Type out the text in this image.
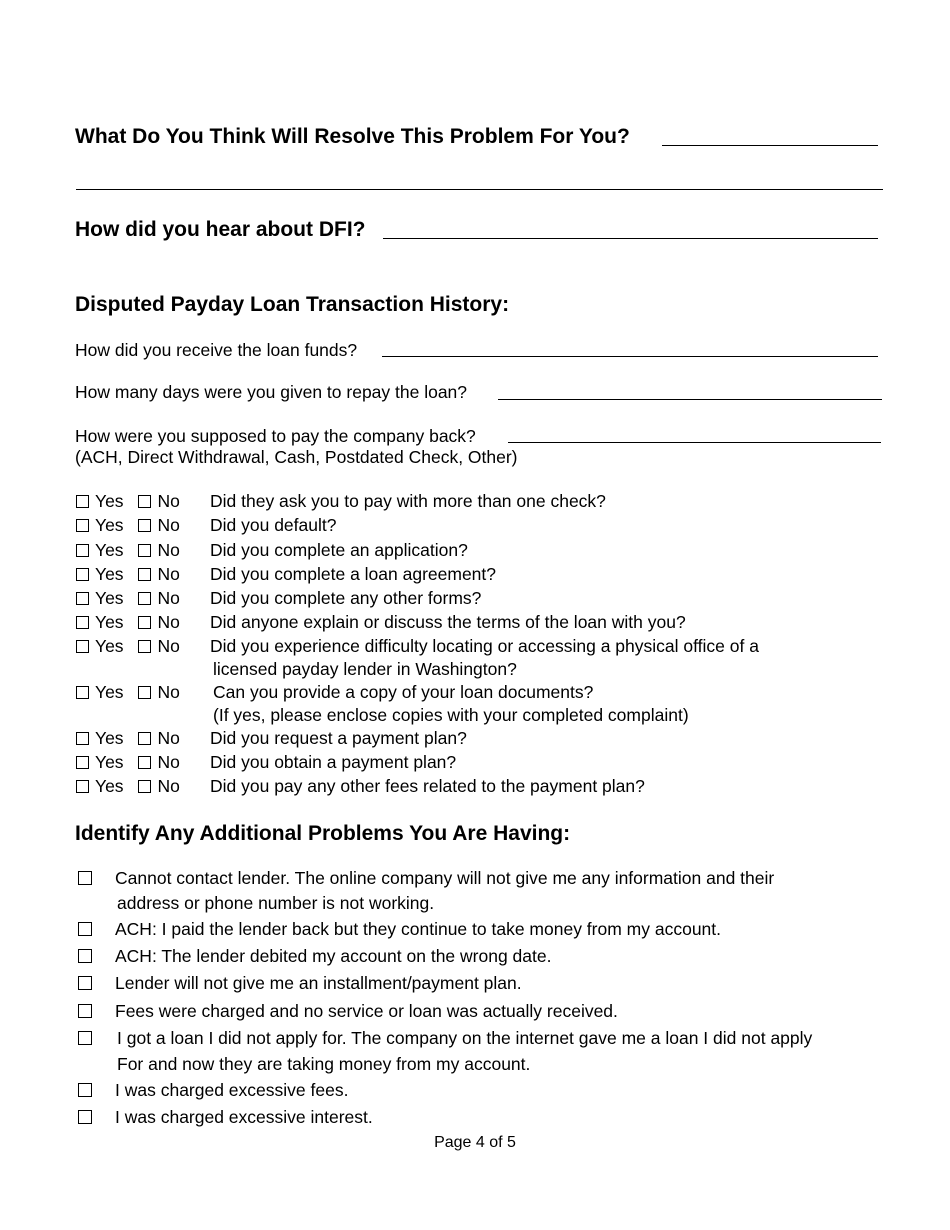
What Do You Think Will Resolve This Problem For You?
How did you hear about DFI?
Disputed Payday Loan Transaction History:
How did you receive the loan funds?
How many days were you given to repay the loan?
How were you supposed to pay the company back?
(ACH, Direct Withdrawal, Cash, Postdated Check, Other)
Yes No Did they ask you to pay with more than one check?
Yes No Did you default?
Yes No Did you complete an application?
Yes No Did you complete a loan agreement?
Yes No Did you complete any other forms?
Yes No Did anyone explain or discuss the terms of the loan with you?
Yes No Did you experience difficulty locating or accessing a physical office of a
licensed payday lender in Washington?
Yes No Can you provide a copy of your loan documents?
(If yes, please enclose copies with your completed complaint)
Yes No Did you request a payment plan?
Yes No Did you obtain a payment plan?
Yes No Did you pay any other fees related to the payment plan?
Identify Any Additional Problems You Are Having:
Cannot contact lender. The online company will not give me any information and their
address or phone number is not working.
ACH: I paid the lender back but they continue to take money from my account.
ACH: The lender debited my account on the wrong date.
Lender will not give me an installment/payment plan.
Fees were charged and no service or loan was actually received.
I got a loan I did not apply for. The company on the internet gave me a loan I did not apply
For and now they are taking money from my account.
I was charged excessive fees.
I was charged excessive interest.
Page 4 of 5
